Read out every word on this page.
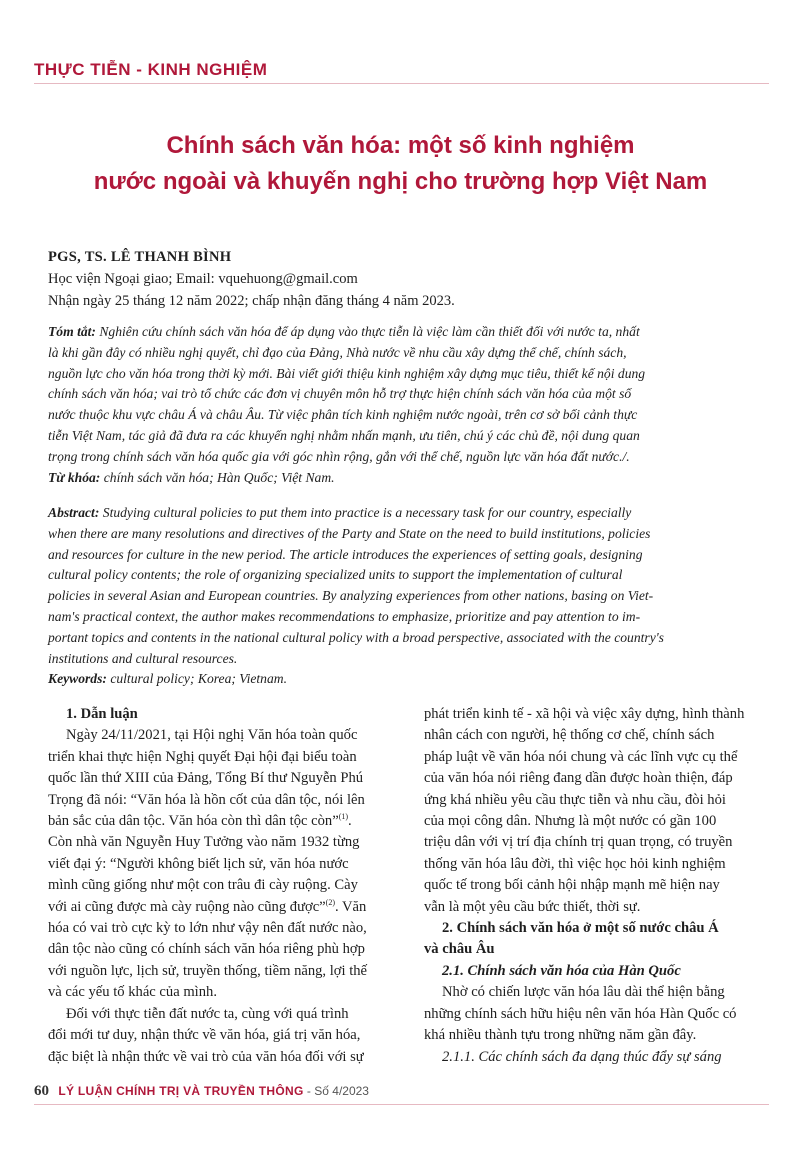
THỰC TIỄN - KINH NGHIỆM
Chính sách văn hóa: một số kinh nghiệm
nước ngoài và khuyến nghị cho trường hợp Việt Nam
PGS, TS. LÊ THANH BÌNH
Học viện Ngoại giao; Email: vquehuong@gmail.com
Nhận ngày 25 tháng 12 năm 2022; chấp nhận đăng tháng 4 năm 2023.
Tóm tắt: Nghiên cứu chính sách văn hóa để áp dụng vào thực tiễn là việc làm cần thiết đối với nước ta, nhất
là khi gần đây có nhiều nghị quyết, chỉ đạo của Đảng, Nhà nước về nhu cầu xây dựng thể chế, chính sách,
nguồn lực cho văn hóa trong thời kỳ mới. Bài viết giới thiệu kinh nghiệm xây dựng mục tiêu, thiết kế nội dung
chính sách văn hóa; vai trò tổ chức các đơn vị chuyên môn hỗ trợ thực hiện chính sách văn hóa của một số
nước thuộc khu vực châu Á và châu Âu. Từ việc phân tích kinh nghiệm nước ngoài, trên cơ sở bối cảnh thực
tiễn Việt Nam, tác giả đã đưa ra các khuyến nghị nhằm nhấn mạnh, ưu tiên, chú ý các chủ đề, nội dung quan
trọng trong chính sách văn hóa quốc gia với góc nhìn rộng, gắn với thể chế, nguồn lực văn hóa đất nước./.
Từ khóa: chính sách văn hóa; Hàn Quốc; Việt Nam.
Abstract: Studying cultural policies to put them into practice is a necessary task for our country, especially
when there are many resolutions and directives of the Party and State on the need to build institutions, policies
and resources for culture in the new period. The article introduces the experiences of setting goals, designing
cultural policy contents; the role of organizing specialized units to support the implementation of cultural
policies in several Asian and European countries. By analyzing experiences from other nations, basing on Viet-
nam's practical context, the author makes recommendations to emphasize, prioritize and pay attention to im-
portant topics and contents in the national cultural policy with a broad perspective, associated with the country's
institutions and cultural resources.
Keywords: cultural policy; Korea; Vietnam.
1. Dẫn luận
Ngày 24/11/2021, tại Hội nghị Văn hóa toàn quốc
triển khai thực hiện Nghị quyết Đại hội đại biểu toàn
quốc lần thứ XIII của Đảng, Tổng Bí thư Nguyễn Phú
Trọng đã nói: “Văn hóa là hồn cốt của dân tộc, nói lên
bản sắc của dân tộc. Văn hóa còn thì dân tộc còn”$^{(1)}$.
Còn nhà văn Nguyễn Huy Tưởng vào năm 1932 từng
viết đại ý: “Người không biết lịch sử, văn hóa nước
mình cũng giống như một con trâu đi cày ruộng. Cày
với ai cũng được mà cày ruộng nào cũng được”$^{(2)}$. Văn
hóa có vai trò cực kỳ to lớn như vậy nên đất nước nào,
dân tộc nào cũng có chính sách văn hóa riêng phù hợp
với nguồn lực, lịch sử, truyền thống, tiềm năng, lợi thế
và các yếu tố khác của mình.
Đối với thực tiễn đất nước ta, cùng với quá trình
đổi mới tư duy, nhận thức về văn hóa, giá trị văn hóa,
đặc biệt là nhận thức về vai trò của văn hóa đối với sự
phát triển kinh tế - xã hội và việc xây dựng, hình thành
nhân cách con người, hệ thống cơ chế, chính sách
pháp luật về văn hóa nói chung và các lĩnh vực cụ thể
của văn hóa nói riêng đang dần được hoàn thiện, đáp
ứng khá nhiều yêu cầu thực tiễn và nhu cầu, đòi hỏi
của mọi công dân. Nhưng là một nước có gần 100
triệu dân với vị trí địa chính trị quan trọng, có truyền
thống văn hóa lâu đời, thì việc học hỏi kinh nghiệm
quốc tế trong bối cảnh hội nhập mạnh mẽ hiện nay
vẫn là một yêu cầu bức thiết, thời sự.
2. Chính sách văn hóa ở một số nước châu Á
và châu Âu
2.1. Chính sách văn hóa của Hàn Quốc
Nhờ có chiến lược văn hóa lâu dài thể hiện bằng
những chính sách hữu hiệu nên văn hóa Hàn Quốc có
khá nhiều thành tựu trong những năm gần đây.
2.1.1. Các chính sách đa dạng thúc đẩy sự sáng
60 LÝ LUẬN CHÍNH TRỊ VÀ TRUYỀN THÔNG - Số 4/2023
